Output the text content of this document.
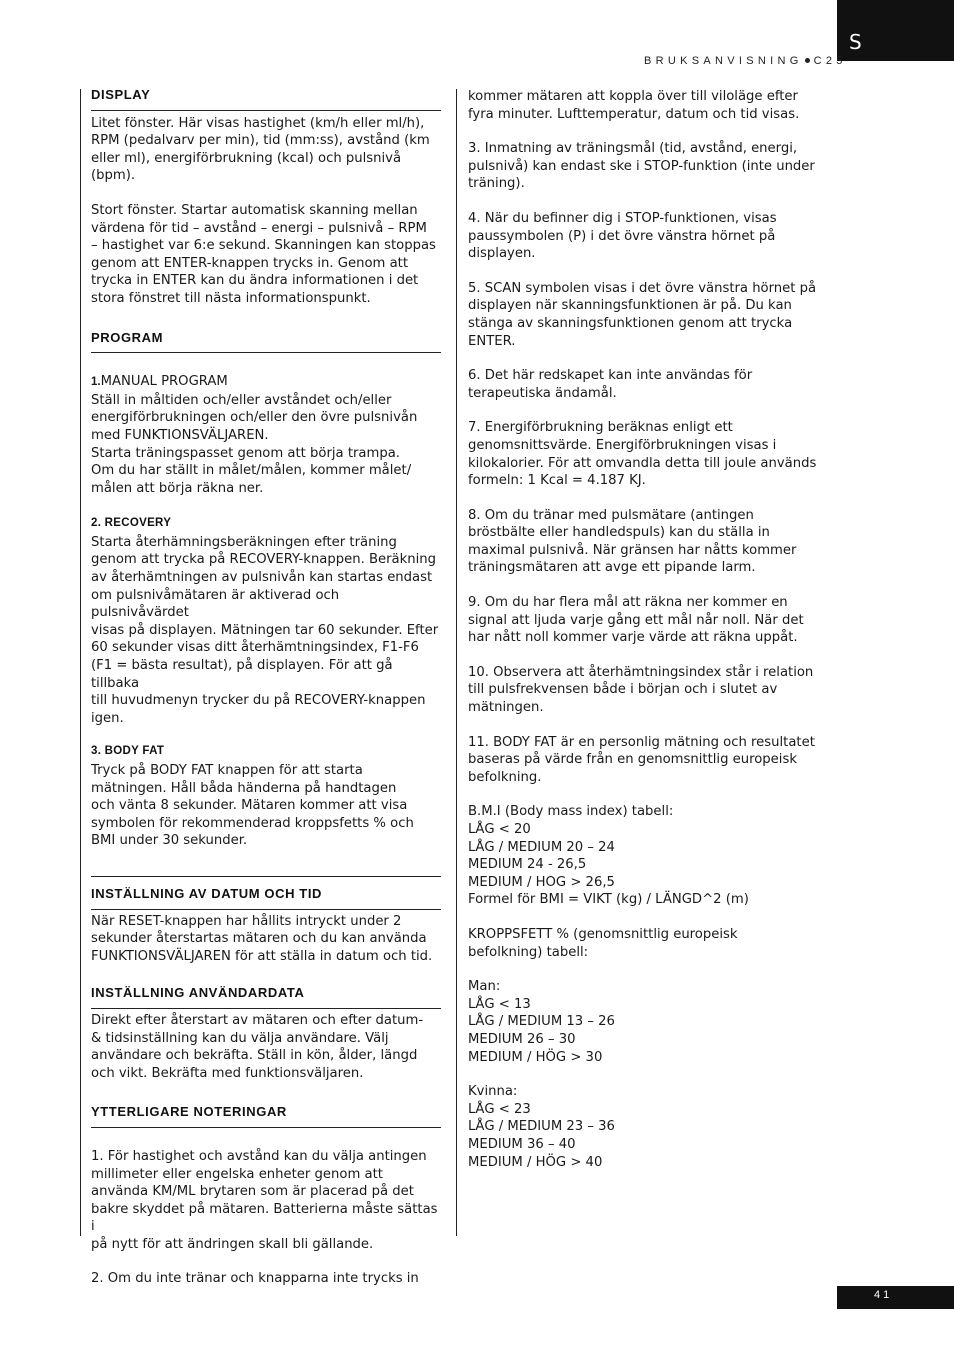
S
BRUKSANVISNING C25
DISPLAY

Litet fönster. Här visas hastighet (km/h eller ml/h),
RPM (pedalvarv per min), tid (mm:ss), avstånd (km
eller ml), energiförbrukning (kcal) och pulsnivå
(bpm).

Stort fönster. Startar automatisk skanning mellan
värdena för tid – avstånd – energi – pulsnivå – RPM
– hastighet var 6:e sekund. Skanningen kan stoppas
genom att ENTER-knappen trycks in. Genom att
trycka in ENTER kan du ändra informationen i det
stora fönstret till nästa informationspunkt.

PROGRAM

1.MANUAL PROGRAM
Ställ in måltiden och/eller avståndet och/eller
energiförbrukningen och/eller den övre pulsnivån
med FUNKTIONSVÄLJAREN.
Starta träningspasset genom att börja trampa.
Om du har ställt in målet/målen, kommer målet/
målen att börja räkna ner.

2. RECOVERY

Starta återhämningsberäkningen efter träning
genom att trycka på RECOVERY-knappen. Beräkning
av återhämtningen av pulsnivån kan startas endast
om pulsnivåmätaren är aktiverad och pulsnivåvärdet
visas på displayen. Mätningen tar 60 sekunder. Efter
60 sekunder visas ditt återhämtningsindex, F1-F6
(F1 = bästa resultat), på displayen. För att gå tillbaka
till huvudmenyn trycker du på RECOVERY-knappen
igen.

3. BODY FAT

Tryck på BODY FAT knappen för att starta
mätningen. Håll båda händerna på handtagen
och vänta 8 sekunder. Mätaren kommer att visa
symbolen för rekommenderad kroppsfetts % och
BMI under 30 sekunder.

INSTÄLLNING AV DATUM OCH TID

När RESET-knappen har hållits intryckt under 2
sekunder återstartas mätaren och du kan använda
FUNKTIONSVÄLJAREN för att ställa in datum och tid.

INSTÄLLNING ANVÄNDARDATA

Direkt efter återstart av mätaren och efter datum-
& tidsinställning kan du välja användare. Välj
användare och bekräfta. Ställ in kön, ålder, längd
och vikt. Bekräfta med funktionsväljaren.

YTTERLIGARE NOTERINGAR

1. För hastighet och avstånd kan du välja antingen
millimeter eller engelska enheter genom att
använda KM/ML brytaren som är placerad på det
bakre skyddet på mätaren. Batterierna måste sättas i
på nytt för att ändringen skall bli gällande.

2. Om du inte tränar och knapparna inte trycks in

kommer mätaren att koppla över till viloläge efter
fyra minuter. Lufttemperatur, datum och tid visas.

3. Inmatning av träningsmål (tid, avstånd, energi,
pulsnivå) kan endast ske i STOP-funktion (inte under
träning).

4. När du befinner dig i STOP-funktionen, visas
paussymbolen (P) i det övre vänstra hörnet på
displayen.

5. SCAN symbolen visas i det övre vänstra hörnet på
displayen när skanningsfunktionen är på. Du kan
stänga av skanningsfunktionen genom att trycka
ENTER.

6. Det här redskapet kan inte användas för
terapeutiska ändamål.

7. Energiförbrukning beräknas enligt ett
genomsnittsvärde. Energiförbrukningen visas i
kilokalorier. För att omvandla detta till joule används
formeln: 1 Kcal = 4.187 KJ.

8. Om du tränar med pulsmätare (antingen
bröstbälte eller handledspuls) kan du ställa in
maximal pulsnivå. När gränsen har nåtts kommer
träningsmätaren att avge ett pipande larm.

9. Om du har flera mål att räkna ner kommer en
signal att ljuda varje gång ett mål når noll. När det
har nått noll kommer varje värde att räkna uppåt.

10. Observera att återhämtningsindex står i relation
till pulsfrekvensen både i början och i slutet av
mätningen.

11. BODY FAT är en personlig mätning och resultatet
baseras på värde från en genomsnittlig europeisk
befolkning.

B.M.I (Body mass index) tabell:
LÅG < 20
LÅG / MEDIUM 20 – 24
MEDIUM 24 - 26,5
MEDIUM / HOG > 26,5
Formel för BMI = VIKT (kg) / LÄNGD^2 (m)

KROPPSFETT % (genomsnittlig europeisk
befolkning) tabell:

Man:
LÅG < 13
LÅG / MEDIUM 13 – 26
MEDIUM 26 – 30
MEDIUM / HÖG > 30

Kvinna:
LÅG < 23
LÅG / MEDIUM 23 – 36
MEDIUM 36 – 40
MEDIUM / HÖG > 40

41
